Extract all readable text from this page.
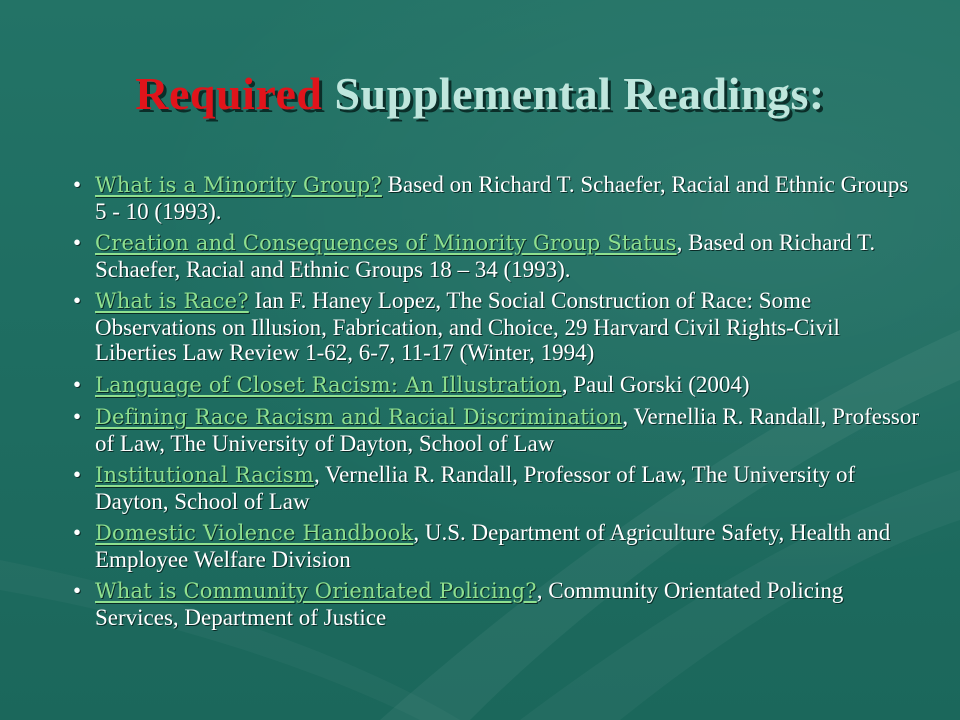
Required Supplemental Readings:
• What is a Minority Group? Based on Richard T. Schaefer, Racial and Ethnic Groups 5 - 10 (1993).
• Creation and Consequences of Minority Group Status, Based on Richard T. Schaefer, Racial and Ethnic Groups 18 – 34 (1993).
• What is Race? Ian F. Haney Lopez, The Social Construction of Race: Some Observations on Illusion, Fabrication, and Choice, 29 Harvard Civil Rights-Civil Liberties Law Review 1-62, 6-7, 11-17 (Winter, 1994)
• Language of Closet Racism: An Illustration, Paul Gorski (2004)
• Defining Race Racism and Racial Discrimination, Vernellia R. Randall, Professor of Law, The University of Dayton, School of Law
• Institutional Racism, Vernellia R. Randall, Professor of Law, The University of Dayton, School of Law
• Domestic Violence Handbook, U.S. Department of Agriculture Safety, Health and Employee Welfare Division
• What is Community Orientated Policing?, Community Orientated Policing Services, Department of Justice
